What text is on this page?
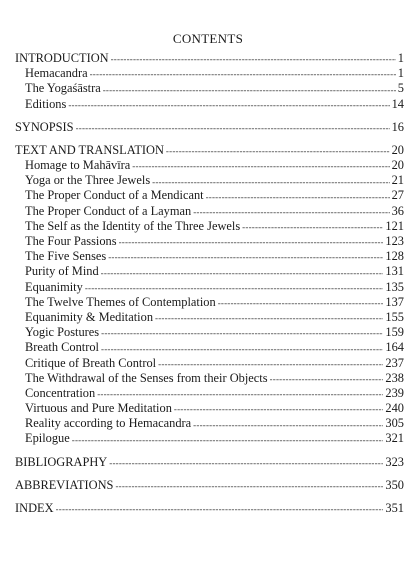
CONTENTS
INTRODUCTION -----	1
Hemacandra -----	1
The Yogaśāstra -----	5
Editions -----	14
SYNOPSIS -----	16
TEXT AND TRANSLATION -----	20
Homage to Mahāvīra -----	20
Yoga or the Three Jewels -----	21
The Proper Conduct of a Mendicant -----	27
The Proper Conduct of a Layman -----	36
The Self as the Identity of the Three Jewels -----	121
The Four Passions -----	123
The Five Senses -----	128
Purity of Mind -----	131
Equanimity -----	135
The Twelve Themes of Contemplation -----	137
Equanimity & Meditation -----	155
Yogic Postures -----	159
Breath Control -----	164
Critique of Breath Control -----	237
The Withdrawal of the Senses from their Objects -----	238
Concentration -----	239
Virtuous and Pure Meditation -----	240
Reality according to Hemacandra -----	305
Epilogue -----	321
BIBLIOGRAPHY -----	323
ABBREVIATIONS -----	350
INDEX -----	351
